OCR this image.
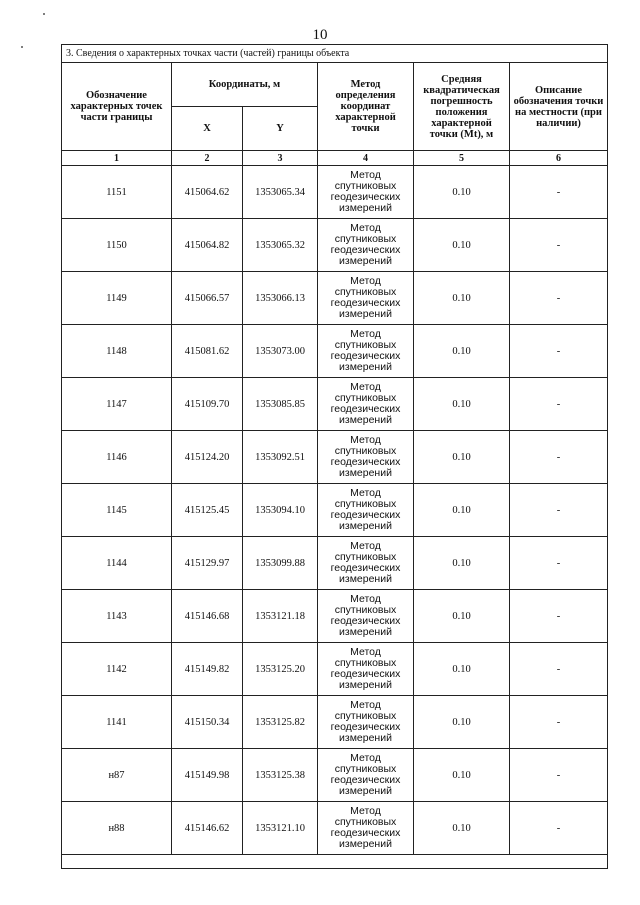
10
3. Сведения о характерных точках части (частей) границы объекта					
Обозначение характерных точек части границы	Координаты, м		Метод определения координат характерной точки	Средняя квадратическая погрешность положения характерной точки (Mt), м	Описание обозначения точки на местности (при наличии)
	X	Y			
1	2	3	4	5	6
1151	415064.62	1353065.34	Метод спутниковых геодезических измерений	0.10	-
1150	415064.82	1353065.32	Метод спутниковых геодезических измерений	0.10	-
1149	415066.57	1353066.13	Метод спутниковых геодезических измерений	0.10	-
1148	415081.62	1353073.00	Метод спутниковых геодезических измерений	0.10	-
1147	415109.70	1353085.85	Метод спутниковых геодезических измерений	0.10	-
1146	415124.20	1353092.51	Метод спутниковых геодезических измерений	0.10	-
1145	415125.45	1353094.10	Метод спутниковых геодезических измерений	0.10	-
1144	415129.97	1353099.88	Метод спутниковых геодезических измерений	0.10	-
1143	415146.68	1353121.18	Метод спутниковых геодезических измерений	0.10	-
1142	415149.82	1353125.20	Метод спутниковых геодезических измерений	0.10	-
1141	415150.34	1353125.82	Метод спутниковых геодезических измерений	0.10	-
н87	415149.98	1353125.38	Метод спутниковых геодезических измерений	0.10	-
н88	415146.62	1353121.10	Метод спутниковых геодезических измерений	0.10	-
